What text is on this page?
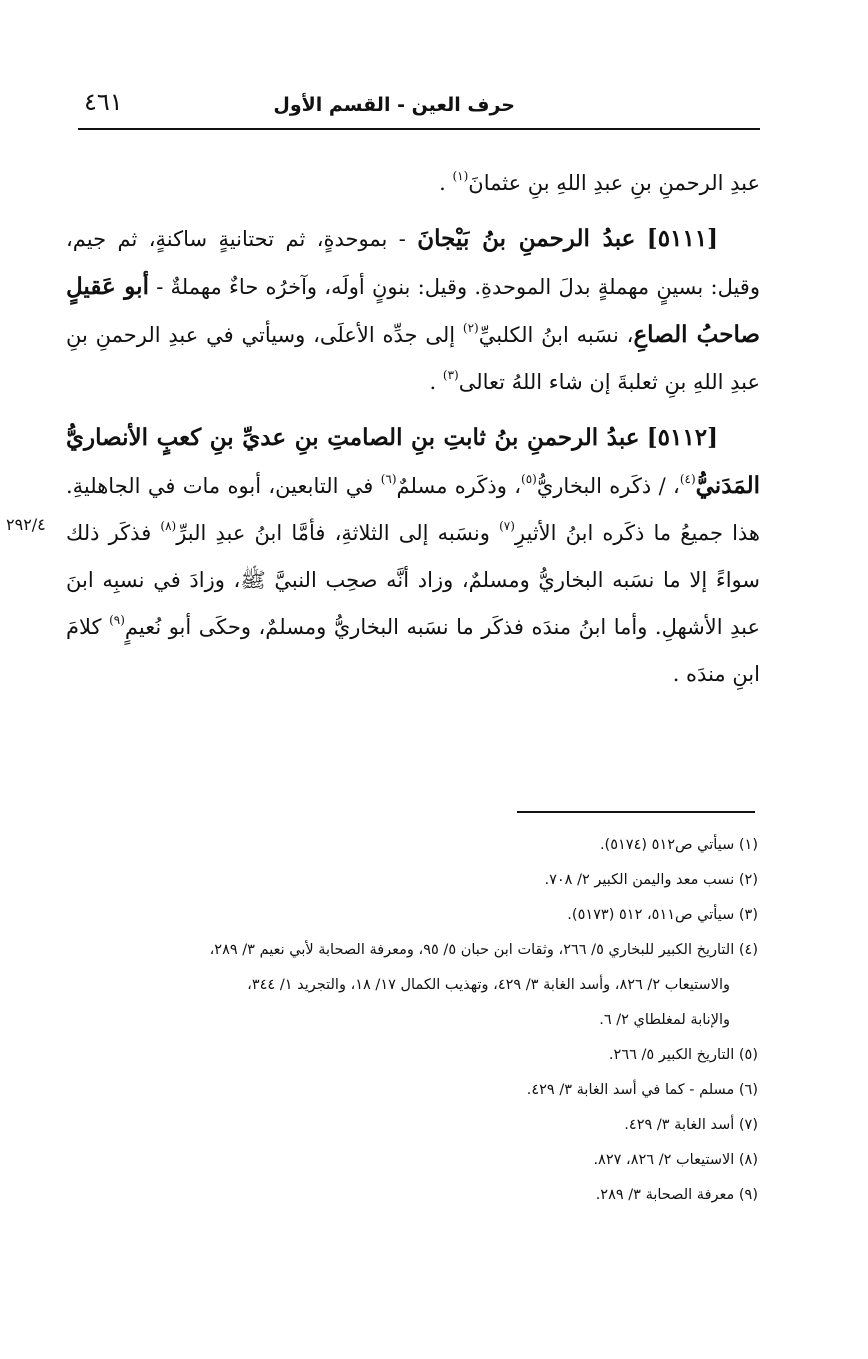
حرف العين - القسم الأول
٤٦١
٢٩٢/٤

عبدِ الرحمنِ بنِ عبدِ اللهِ بنِ عثمانَ$^{(١)}$ .

[٥١١١] عبدُ الرحمنِ بنُ بَيْجانَ - بموحدةٍ، ثم تحتانيةٍ ساكنةٍ، ثم جيم، وقيل: بسينٍ مهملةٍ بدلَ الموحدةِ. وقيل: بنونٍ أولَه، وآخرُه حاءٌ مهملةٌ - أبو عَقيلٍ صاحبُ الصاعِ، نسَبه ابنُ الكلبيِّ$^{(٢)}$ إلى جدِّه الأعلَى، وسيأتي في عبدِ الرحمنِ بنِ عبدِ اللهِ بنِ ثعلبةَ إن شاء اللهُ تعالى$^{(٣)}$ .

[٥١١٢] عبدُ الرحمنِ بنُ ثابتِ بنِ الصامتِ بنِ عديِّ بنِ كعبٍ الأنصاريُّ المَدَنيُّ$^{(٤)}$، / ذكَره البخاريُّ$^{(٥)}$، وذكَره مسلمٌ$^{(٦)}$ في التابعين، أبوه مات في الجاهليةِ. هذا جميعُ ما ذكَره ابنُ الأثيرِ$^{(٧)}$ ونسَبه إلى الثلاثةِ، فأمَّا ابنُ عبدِ البرِّ$^{(٨)}$ فذكَر ذلك سواءً إلا ما نسَبه البخاريُّ ومسلمٌ، وزاد أنَّه صحِب النبيَّ ﷺ، وزادَ في نسبِه ابنَ عبدِ الأشهلِ. وأما ابنُ مندَه فذكَر ما نسَبه البخاريُّ ومسلمٌ، وحكَى أبو نُعيمٍ$^{(٩)}$ كلامَ ابنِ مندَه .

(١) سيأتي ص٥١٢ (٥١٧٤).

(٢) نسب معد واليمن الكبير ٢/ ٧٠٨.

(٣) سيأتي ص٥١١، ٥١٢ (٥١٧٣).

(٤) التاريخ الكبير للبخاري ٥/ ٢٦٦، وثقات ابن حبان ٥/ ٩٥، ومعرفة الصحابة لأبي نعيم ٣/ ٢٨٩،

والاستيعاب ٢/ ٨٢٦، وأسد الغابة ٣/ ٤٢٩، وتهذيب الكمال ١٧/ ١٨، والتجريد ١/ ٣٤٤،

والإنابة لمغلطاي ٢/ ٦.

(٥) التاريخ الكبير ٥/ ٢٦٦.

(٦) مسلم - كما في أسد الغابة ٣/ ٤٢٩.

(٧) أسد الغابة ٣/ ٤٢٩.

(٨) الاستيعاب ٢/ ٨٢٦، ٨٢٧.

(٩) معرفة الصحابة ٣/ ٢٨٩.
